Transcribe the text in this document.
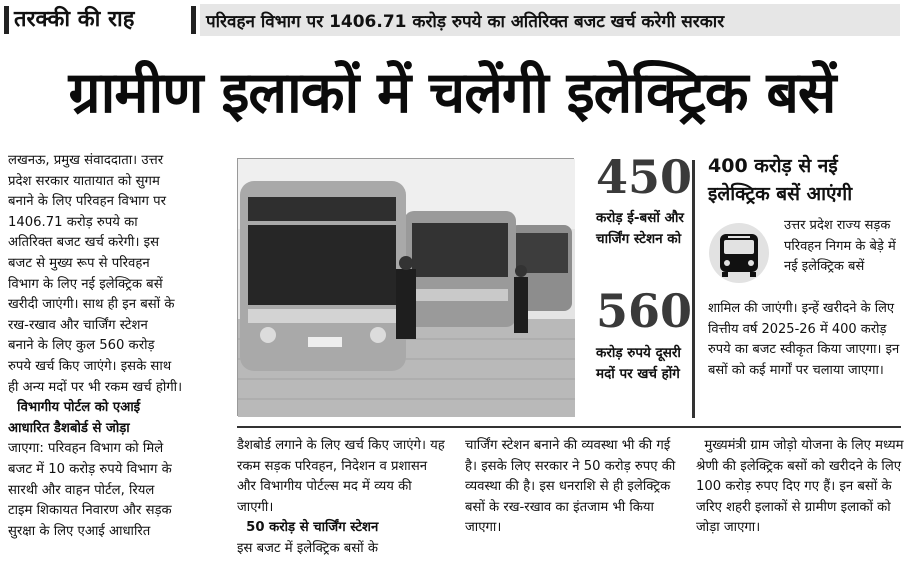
तरक्की की राह	परिवहन विभाग पर 1406.71 करोड़ रुपये का अतिरिक्त बजट खर्च करेगी सरकार
ग्रामीण इलाकों में चलेंगी इलेक्ट्रिक बसें
लखनऊ, प्रमुख संवाददाता। उत्तर
प्रदेश सरकार यातायात को सुगम
बनाने के लिए परिवहन विभाग पर
1406.71 करोड़ रुपये का
अतिरिक्त बजट खर्च करेगी। इस
बजट से मुख्य रूप से परिवहन
विभाग के लिए नई इलेक्ट्रिक बसें
खरीदी जाएंगी। साथ ही इन बसों के
रख-रखाव और चार्जिंग स्टेशन
बनाने के लिए कुल 560 करोड़
रुपये खर्च किए जाएंगे। इसके साथ
ही अन्य मदों पर भी रकम खर्च होगी।
विभागीय पोर्टल को एआई
आधारित डैशबोर्ड से जोड़ा
जाएगा: परिवहन विभाग को मिले
बजट में 10 करोड़ रुपये विभाग के
सारथी और वाहन पोर्टल, रियल
टाइम शिकायत निवारण और सड़क
सुरक्षा के लिए एआई आधारित
450
करोड़ ई-बसों और चार्जिंग स्टेशन को
560
करोड़ रुपये दूसरी मदों पर खर्च होंगे
400 करोड़ से नई इलेक्ट्रिक बसें आएंगी
उत्तर प्रदेश राज्य सड़क परिवहन निगम के बेड़े में नई इलेक्ट्रिक बसें
शामिल की जाएंगी। इन्हें खरीदने के लिए वित्तीय वर्ष 2025-26 में 400 करोड़ रुपये का बजट स्वीकृत किया जाएगा। इन बसों को कई मार्गों पर चलाया जाएगा।
डैशबोर्ड लगाने के लिए खर्च किए जाएंगे। यह रकम सड़क परिवहन, निदेशन व प्रशासन और विभागीय पोर्टल्स मद में व्यय की जाएगी।
50 करोड़ से चार्जिंग स्टेशन
इस बजट में इलेक्ट्रिक बसों के
चार्जिंग स्टेशन बनाने की व्यवस्था भी की गई है। इसके लिए सरकार ने 50 करोड़ रुपए की व्यवस्था की है। इस धनराशि से ही इलेक्ट्रिक बसों के रख-रखाव का इंतजाम भी किया जाएगा।
मुख्यमंत्री ग्राम जोड़ो योजना के लिए मध्यम श्रेणी की इलेक्ट्रिक बसों को खरीदने के लिए 100 करोड़ रुपए दिए गए हैं। इन बसों के जरिए शहरी इलाकों से ग्रामीण इलाकों को जोड़ा जाएगा।
